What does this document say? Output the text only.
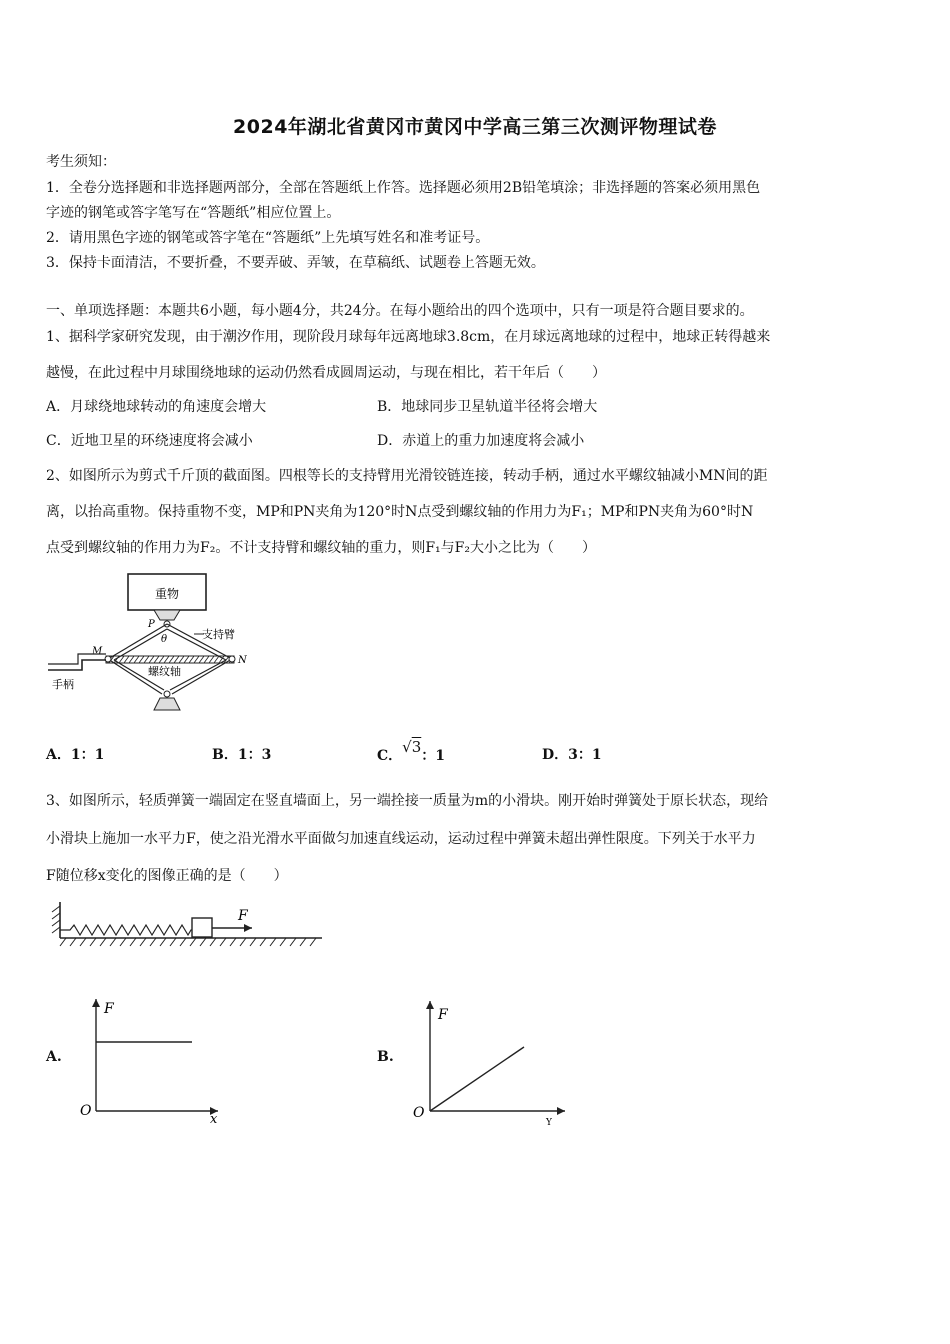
2024年湖北省黄冈市黄冈中学高三第三次测评物理试卷
考生须知：
1．全卷分选择题和非选择题两部分，全部在答题纸上作答。选择题必须用2B铅笔填涂；非选择题的答案必须用黑色
字迹的钢笔或答字笔写在“答题纸”相应位置上。
2．请用黑色字迹的钢笔或答字笔在“答题纸”上先填写姓名和准考证号。
3．保持卡面清洁，不要折叠，不要弄破、弄皱，在草稿纸、试题卷上答题无效。
一、单项选择题：本题共6小题，每小题4分，共24分。在每小题给出的四个选项中，只有一项是符合题目要求的。
1、据科学家研究发现，由于潮汐作用，现阶段月球每年远离地球3.8cm，在月球远离地球的过程中，地球正转得越来
越慢，在此过程中月球围绕地球的运动仍然看成圆周运动，与现在相比，若干年后（　　）
A．月球绕地球转动的角速度会增大	B．地球同步卫星轨道半径将会增大
C．近地卫星的环绕速度将会减小	D．赤道上的重力加速度将会减小
2、如图所示为剪式千斤顶的截面图。四根等长的支持臂用光滑铰链连接，转动手柄，通过水平螺纹轴减小MN间的距
离，以抬高重物。保持重物不变，MP和PN夹角为120°时N点受到螺纹轴的作用力为F₁；MP和PN夹角为60°时N
点受到螺纹轴的作用力为F₂。不计支持臂和螺纹轴的重力，则F₁与F₂大小之比为（　　）
重物
P
θ	支持臂
M
N
螺纹轴
手柄
A．1：1	B．1：3	C．√3：1	D．3：1
3、如图所示，轻质弹簧一端固定在竖直墙面上，另一端拴接一质量为m的小滑块。刚开始时弹簧处于原长状态，现给
小滑块上施加一水平力F，使之沿光滑水平面做匀加速直线运动，运动过程中弹簧未超出弹性限度。下列关于水平力
F随位移x变化的图像正确的是（　　）
F
A.
F
x
O
B.
F
Y
O
